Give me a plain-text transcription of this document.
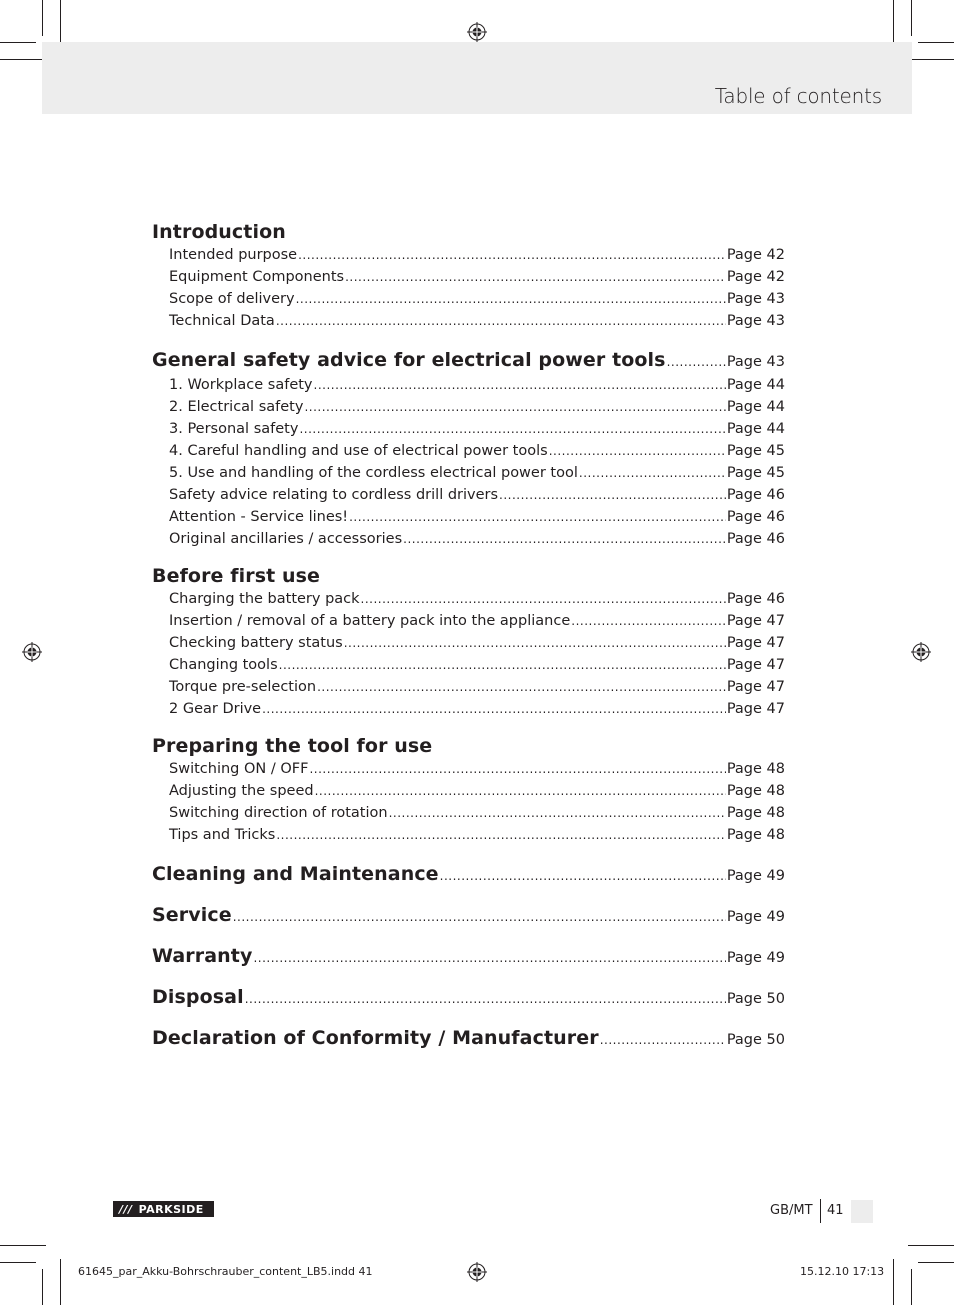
Table of contents
Introduction
Intended purpose .....	Page 42
Equipment Components .....	Page 42
Scope of delivery .....	Page 43
Technical Data .....	Page 43
General safety advice for electrical power tools .....	Page 43
1. Workplace safety .....	Page 44
2. Electrical safety .....	Page 44
3. Personal safety .....	Page 44
4. Careful handling and use of electrical power tools .....	Page 45
5. Use and handling of the cordless electrical power tool .....	Page 45
Safety advice relating to cordless drill drivers .....	Page 46
Attention - Service lines! .....	Page 46
Original ancillaries / accessories .....	Page 46
Before first use
Charging the battery pack .....	Page 46
Insertion / removal of a battery pack into the appliance .....	Page 47
Checking battery status .....	Page 47
Changing tools .....	Page 47
Torque pre-selection .....	Page 47
2 Gear Drive .....	Page 47
Preparing the tool for use
Switching ON / OFF .....	Page 48
Adjusting the speed .....	Page 48
Switching direction of rotation .....	Page 48
Tips and Tricks .....	Page 48
Cleaning and Maintenance .....	Page 49
Service .....	Page 49
Warranty .....	Page 49
Disposal .....	Page 50
Declaration of Conformity / Manufacturer .....	Page 50
/// PARKSIDE	GB/MT 41
61645_par_Akku-Bohrschrauber_content_LB5.indd 41	15.12.10 17:13
